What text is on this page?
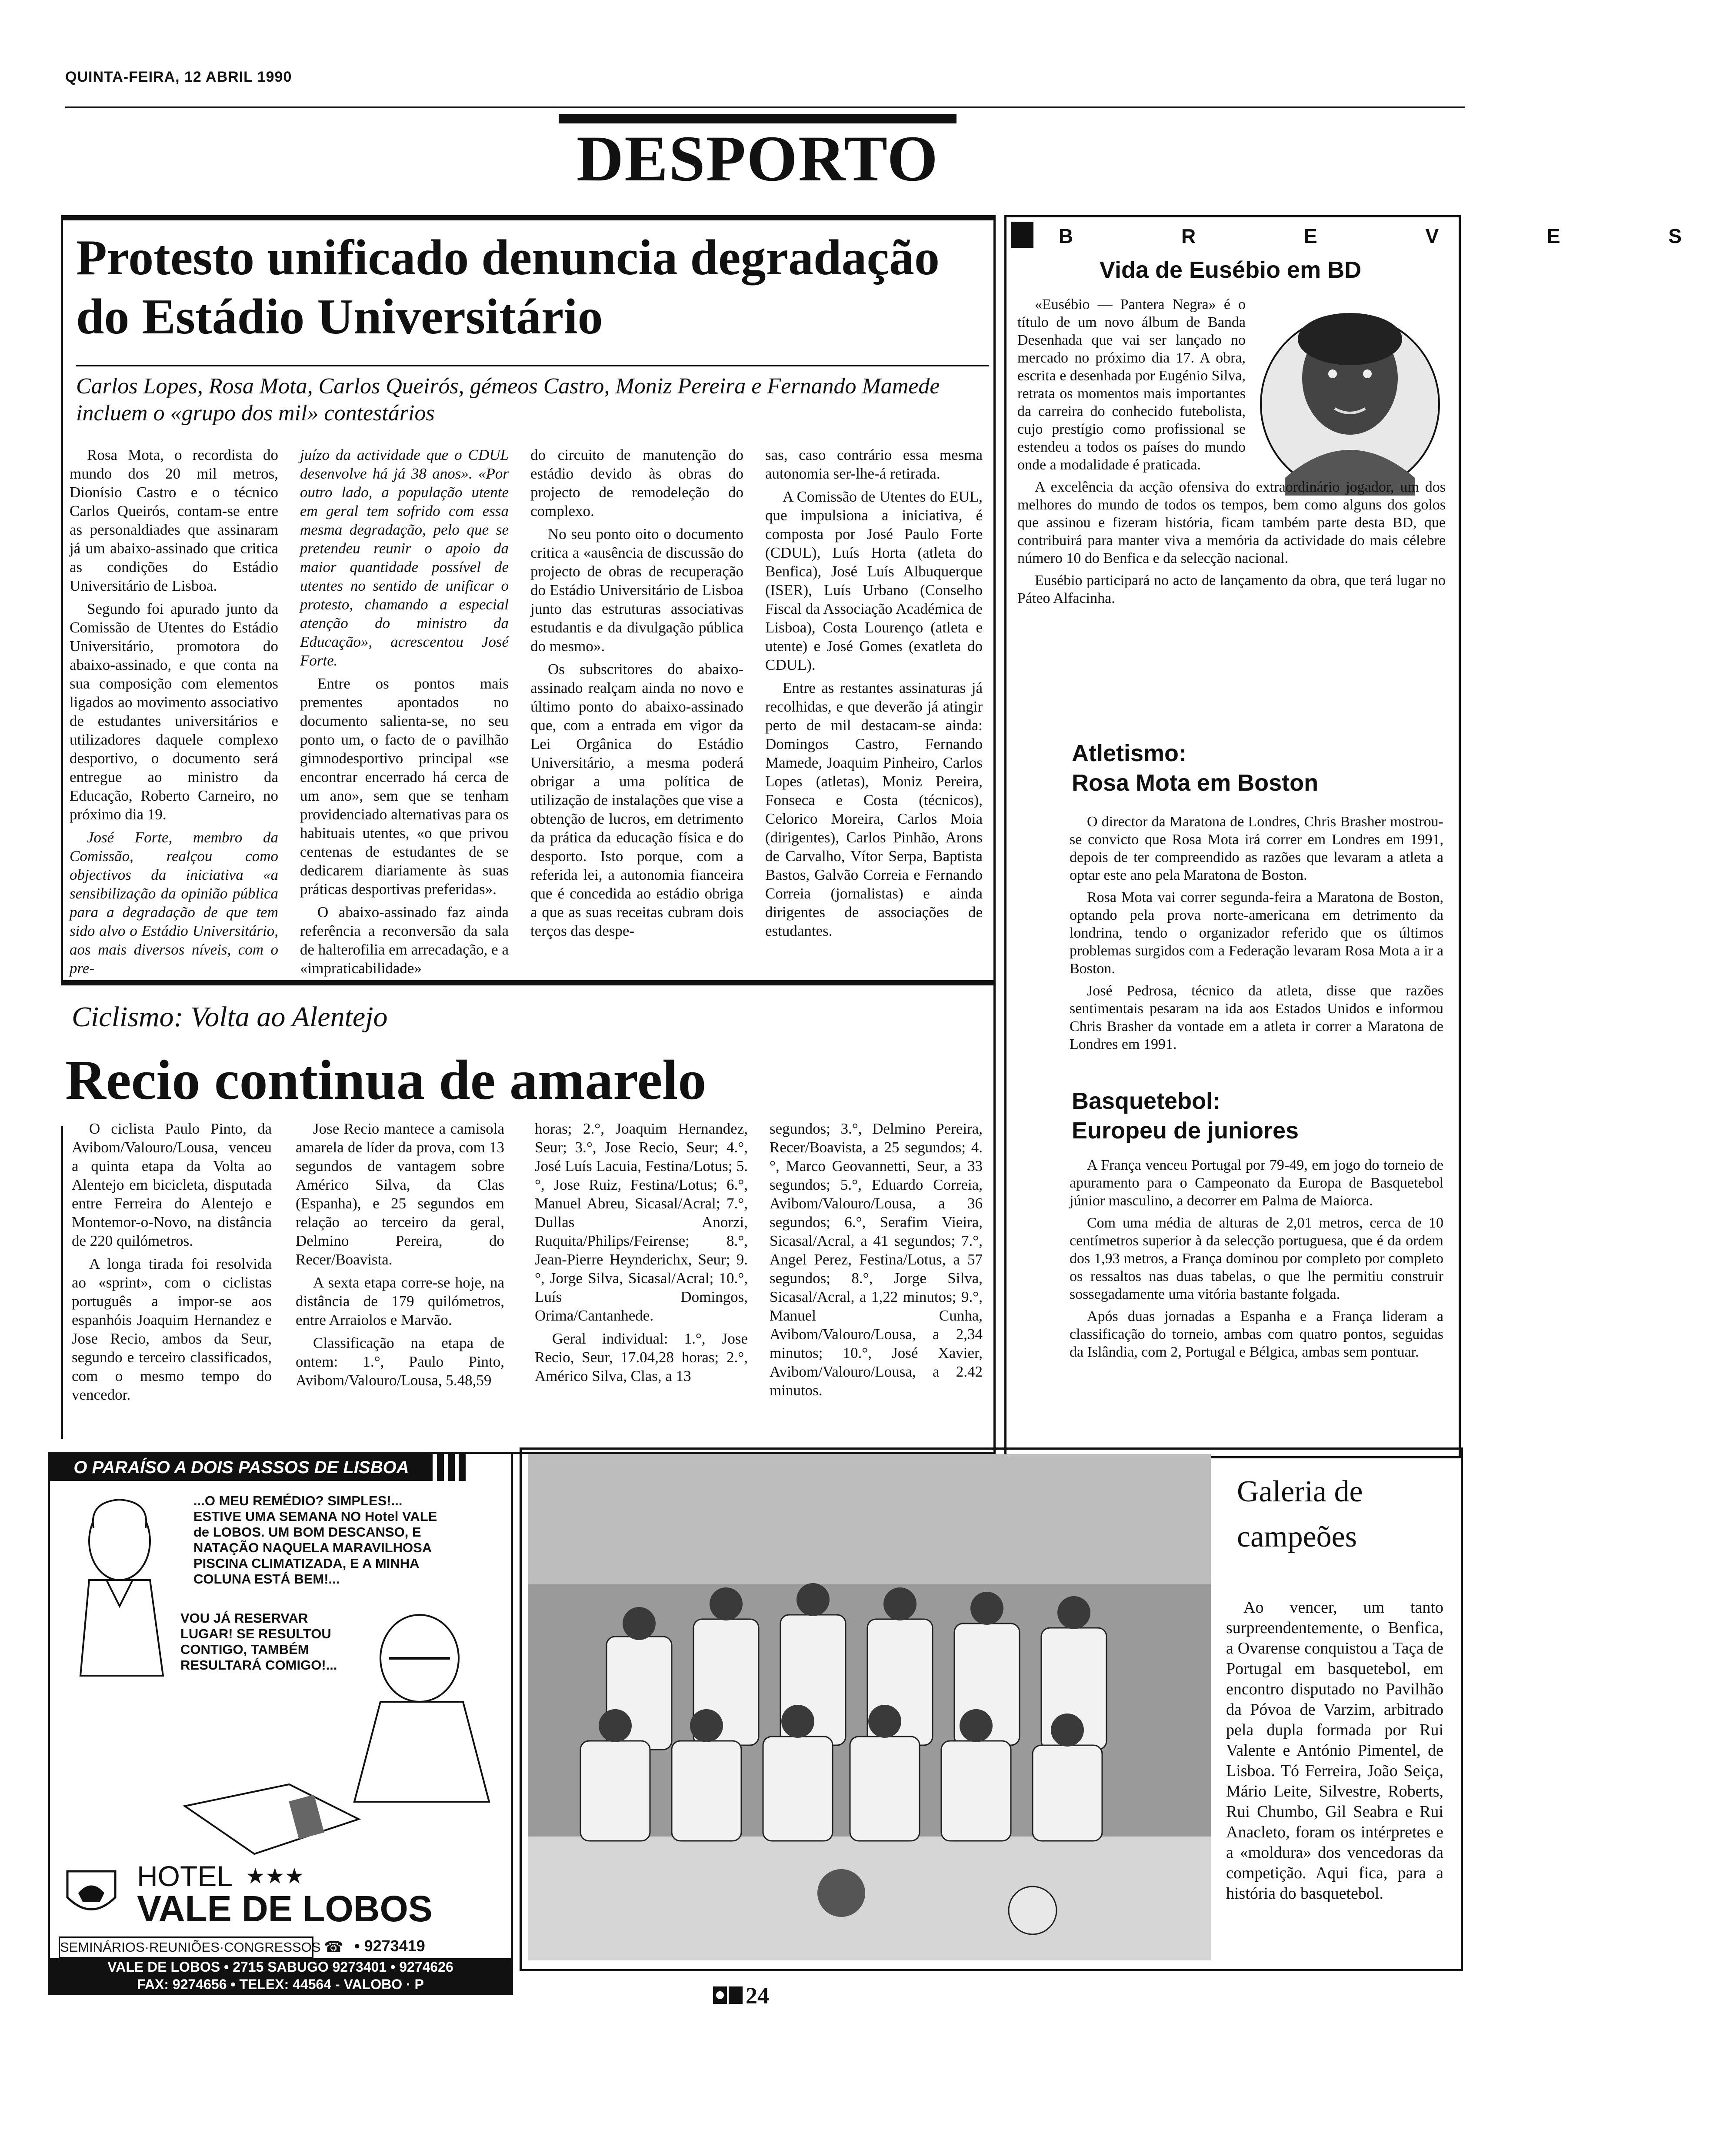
QUINTA-FEIRA, 12 ABRIL 1990
DESPORTO
Protesto unificado denuncia degradação do Estádio Universitário
Carlos Lopes, Rosa Mota, Carlos Queirós, gémeos Castro, Moniz Pereira e Fernando Mamede incluem o «grupo dos mil» contestários

Rosa Mota, o recordista do mundo dos 20 mil metros, Dionísio Castro e o técnico Carlos Queirós, contam-se entre as personaldiades que assinaram já um abaixo-assinado que critica as condições do Estádio Universitário de Lisboa.

Segundo foi apurado junto da Comissão de Utentes do Estádio Universitário, promotora do abaixo-assinado, e que conta na sua composição com elementos ligados ao movimento associativo de estudantes universitários e utilizadores daquele complexo desportivo, o documento será entregue ao ministro da Educação, Roberto Carneiro, no próximo dia 19.

José Forte, membro da Comissão, realçou como objectivos da iniciativa «a sensibilização da opinião pública para a degradação de que tem sido alvo o Estádio Universitário, aos mais diversos níveis, com o pre-

juízo da actividade que o CDUL desenvolve há já 38 anos». «Por outro lado, a população utente em geral tem sofrido com essa mesma degradação, pelo que se pretendeu reunir o apoio da maior quantidade possível de utentes no sentido de unificar o protesto, chamando a especial atenção do ministro da Educação», acrescentou José Forte.

Entre os pontos mais prementes apontados no documento salienta-se, no seu ponto um, o facto de o pavilhão gimnodesportivo principal «se encontrar encerrado há cerca de um ano», sem que se tenham providenciado alternativas para os habituais utentes, «o que privou centenas de estudantes de se dedicarem diariamente às suas práticas desportivas preferidas».

O abaixo-assinado faz ainda referência a reconversão da sala de halterofilia em arrecadação, e a «impraticabilidade»

do circuito de manutenção do estádio devido às obras do projecto de remodeleção do complexo.

No seu ponto oito o documento critica a «ausência de discussão do projecto de obras de recuperação do Estádio Universitário de Lisboa junto das estruturas associativas estudantis e da divulgação pública do mesmo».

Os subscritores do abaixo-assinado realçam ainda no novo e último ponto do abaixo-assinado que, com a entrada em vigor da Lei Orgânica do Estádio Universitário, a mesma poderá obrigar a uma política de utilização de instalações que vise a obtenção de lucros, em detrimento da prática da educação física e do desporto. Isto porque, com a referida lei, a autonomia fianceira que é concedida ao estádio obriga a que as suas receitas cubram dois terços das despe-

sas, caso contrário essa mesma autonomia ser-lhe-á retirada.

A Comissão de Utentes do EUL, que impulsiona a iniciativa, é composta por José Paulo Forte (CDUL), Luís Horta (atleta do Benfica), José Luís Albuquerque (ISER), Luís Urbano (Conselho Fiscal da Associação Académica de Lisboa), Costa Lourenço (atleta e utente) e José Gomes (exatleta do CDUL).

Entre as restantes assinaturas já recolhidas, e que deverão já atingir perto de mil destacam-se ainda: Domingos Castro, Fernando Mamede, Joaquim Pinheiro, Carlos Lopes (atletas), Moniz Pereira, Fonseca e Costa (técnicos), Celorico Moreira, Carlos Moia (dirigentes), Carlos Pinhão, Arons de Carvalho, Vítor Serpa, Baptista Bastos, Galvão Correia e Fernando Correia (jornalistas) e ainda dirigentes de associações de estudantes.

Ciclismo: Volta ao Alentejo
Recio continua de amarelo

O ciclista Paulo Pinto, da Avibom/Valouro/Lousa, venceu a quinta etapa da Volta ao Alentejo em bicicleta, disputada entre Ferreira do Alentejo e Montemor-o-Novo, na distância de 220 quilómetros.

A longa tirada foi resolvida ao «sprint», com o ciclistas português a impor-se aos espanhóis Joaquim Hernandez e Jose Recio, ambos da Seur, segundo e terceiro classificados, com o mesmo tempo do vencedor.

Jose Recio mantece a camisola amarela de líder da prova, com 13 segundos de vantagem sobre Américo Silva, da Clas (Espanha), e 25 segundos em relação ao terceiro da geral, Delmino Pereira, do Recer/Boavista.

A sexta etapa corre-se hoje, na distância de 179 quilómetros, entre Arraiolos e Marvão.

Classificação na etapa de ontem: 1.°, Paulo Pinto, Avibom/Valouro/Lousa, 5.48,59

horas; 2.°, Joaquim Hernandez, Seur; 3.°, Jose Recio, Seur; 4.°, José Luís Lacuia, Festina/Lotus; 5.°, Jose Ruiz, Festina/Lotus; 6.°, Manuel Abreu, Sicasal/Acral; 7.°, Dullas Anorzi, Ruquita/Philips/Feirense; 8.°, Jean-Pierre Heynderichx, Seur; 9.°, Jorge Silva, Sicasal/Acral; 10.°, Luís Domingos, Orima/Cantanhede.

Geral individual: 1.°, Jose Recio, Seur, 17.04,28 horas; 2.°, Américo Silva, Clas, a 13

segundos; 3.°, Delmino Pereira, Recer/Boavista, a 25 segundos; 4.°, Marco Geovannetti, Seur, a 33 segundos; 5.°, Eduardo Correia, Avibom/Valouro/Lousa, a 36 segundos; 6.°, Serafim Vieira, Sicasal/Acral, a 41 segundos; 7.°, Angel Perez, Festina/Lotus, a 57 segundos; 8.°, Jorge Silva, Sicasal/Acral, a 1,22 minutos; 9.°, Manuel Cunha, Avibom/Valouro/Lousa, a 2,34 minutos; 10.°, José Xavier, Avibom/Valouro/Lousa, a 2.42 minutos.

B R E V E S
Vida de Eusébio em BD

«Eusébio — Pantera Negra» é o título de um novo álbum de Banda Desenhada que vai ser lançado no mercado no próximo dia 17. A obra, escrita e desenhada por Eugénio Silva, retrata os momentos mais importantes da carreira do conhecido futebolista, cujo prestígio como profissional se estendeu a todos os países do mundo onde a modalidade é praticada.

A excelência da acção ofensiva do extraordinário jogador, um dos melhores do mundo de todos os tempos, bem como alguns dos golos que assinou e fizeram história, ficam também parte desta BD, que contribuirá para manter viva a memória da actividade do mais célebre número 10 do Benfica e da selecção nacional.

Eusébio participará no acto de lançamento da obra, que terá lugar no Páteo Alfacinha.

Atletismo:
Rosa Mota em Boston

O director da Maratona de Londres, Chris Brasher mostrou-se convicto que Rosa Mota irá correr em Londres em 1991, depois de ter compreendido as razões que levaram a atleta a optar este ano pela Maratona de Boston.

Rosa Mota vai correr segunda-feira a Maratona de Boston, optando pela prova norte-americana em detrimento da londrina, tendo o organizador referido que os últimos problemas surgidos com a Federação levaram Rosa Mota a ir a Boston.

José Pedrosa, técnico da atleta, disse que razões sentimentais pesaram na ida aos Estados Unidos e informou Chris Brasher da vontade em a atleta ir correr a Maratona de Londres em 1991.

Basquetebol:
Europeu de juniores

A França venceu Portugal por 79-49, em jogo do torneio de apuramento para o Campeonato da Europa de Basquetebol júnior masculino, a decorrer em Palma de Maiorca.

Com uma média de alturas de 2,01 metros, cerca de 10 centímetros superior à da selecção portuguesa, que é da ordem dos 1,93 metros, a França dominou por completo por completo os ressaltos nas duas tabelas, o que lhe permitiu construir sossegadamente uma vitória bastante folgada.

Após duas jornadas a Espanha e a França lideram a classificação do torneio, ambas com quatro pontos, seguidas da Islândia, com 2, Portugal e Bélgica, ambas sem pontuar.

O PARAÍSO A DOIS PASSOS DE LISBOA
...O MEU REMÉDIO? SIMPLES!... ESTIVE UMA SEMANA NO Hotel VALE de LOBOS. UM BOM DESCANSO, E NATAÇÃO NAQUELA MARAVILHOSA PISCINA CLIMATIZADA, E A MINHA COLUNA ESTÁ BEM!...
VOU JÁ RESERVAR LUGAR! SE RESULTOU CONTIGO, TAMBÉM RESULTARÁ COMIGO!...
HOTEL ★★★
VALE DE LOBOS
SEMINÁRIOS·REUNIÕES·CONGRESSOS ☎ • 9273419
VALE DE LOBOS • 2715 SABUGO 9273401 • 9274626
FAX: 9274656 • TELEX: 44564 - VALOBO · P
Galeria de campeões

Ao vencer, um tanto surpreendentemente, o Benfica, a Ovarense conquistou a Taça de Portugal em basquetebol, em encontro disputado no Pavilhão da Póvoa de Varzim, arbitrado pela dupla formada por Rui Valente e António Pimentel, de Lisboa. Tó Ferreira, João Seiça, Mário Leite, Silvestre, Roberts, Rui Chumbo, Gil Seabra e Rui Anacleto, foram os intérpretes e a «moldura» dos vencedoras da competição. Aqui fica, para a história do basquetebol.

24
